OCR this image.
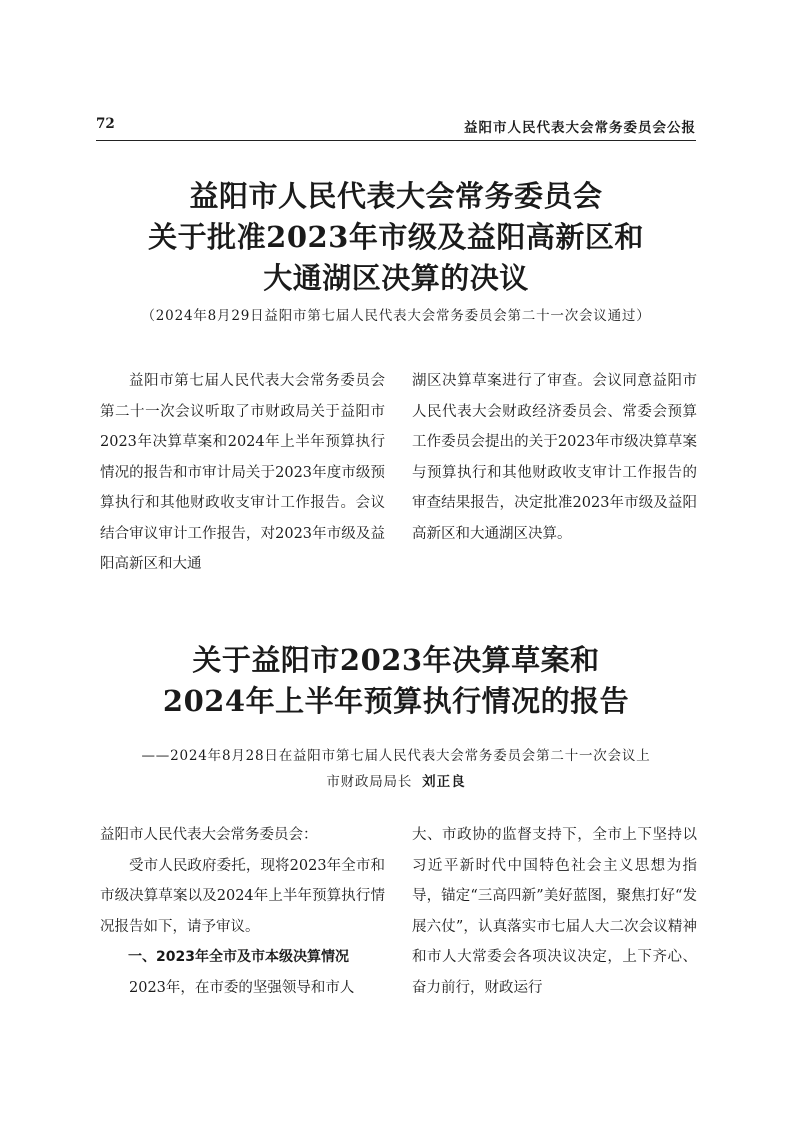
72	益阳市人民代表大会常务委员会公报
益阳市人民代表大会常务委员会
关于批准2023年市级及益阳高新区和
大通湖区决算的决议
（2024年8月29日益阳市第七届人民代表大会常务委员会第二十一次会议通过）

益阳市第七届人民代表大会常务委员会第二十一次会议听取了市财政局关于益阳市2023年决算草案和2024年上半年预算执行情况的报告和市审计局关于2023年度市级预算执行和其他财政收支审计工作报告。会议结合审议审计工作报告，对2023年市级及益阳高新区和大通

湖区决算草案进行了审查。会议同意益阳市人民代表大会财政经济委员会、常委会预算工作委员会提出的关于2023年市级决算草案与预算执行和其他财政收支审计工作报告的审查结果报告，决定批准2023年市级及益阳高新区和大通湖区决算。

关于益阳市2023年决算草案和
2024年上半年预算执行情况的报告
——2024年8月28日在益阳市第七届人民代表大会常务委员会第二十一次会议上
市财政局局长 刘正良

益阳市人民代表大会常务委员会：

受市人民政府委托，现将2023年全市和市级决算草案以及2024年上半年预算执行情况报告如下，请予审议。

一、2023年全市及市本级决算情况

2023年，在市委的坚强领导和市人

大、市政协的监督支持下，全市上下坚持以习近平新时代中国特色社会主义思想为指导，锚定“三高四新”美好蓝图，聚焦打好“发展六仗”，认真落实市七届人大二次会议精神和市人大常委会各项决议决定，上下齐心、奋力前行，财政运行
